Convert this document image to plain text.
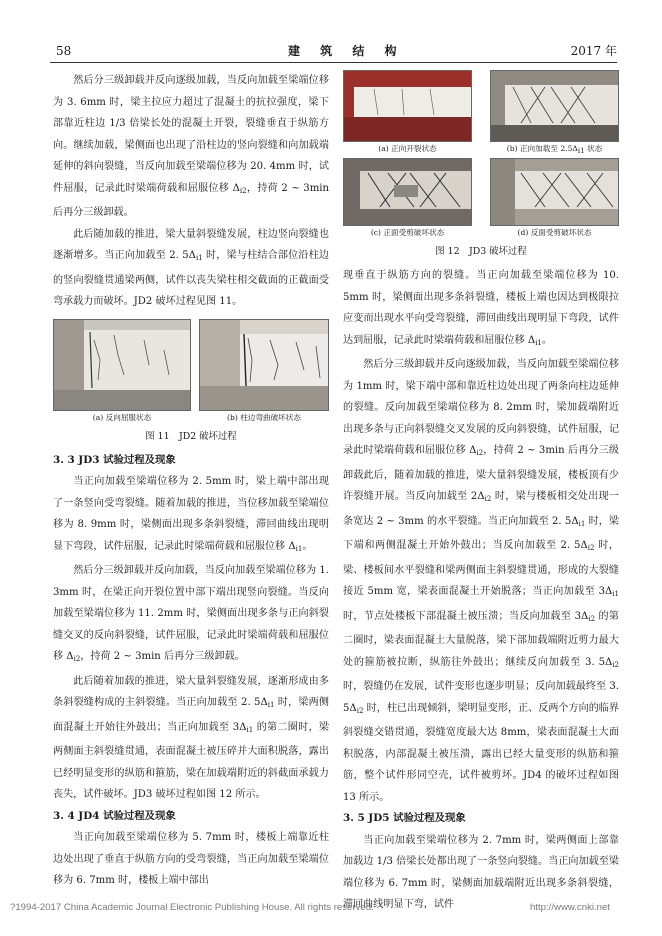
58	建 筑 结 构	2017 年

然后分三级卸载并反向逐级加载，当反向加载至梁端位移为 3. 6mm 时，梁主拉应力超过了混凝土的抗拉强度，梁下部靠近柱边 1/3 倍梁长处的混凝土开裂，裂缝垂直于纵筋方向。继续加载，梁侧面也出现了沿柱边的竖向裂缝和向加载端延伸的斜向裂缝，当反向加载至梁端位移为 20. 4mm 时，试件屈服，记录此时梁端荷载和屈服位移 $\Delta_{i2}$，持荷 2 ~ 3min 后再分三级卸载。

此后随加载的推进，梁大量斜裂缝发展，柱边竖向裂缝也逐渐增多。当正向加载至 2. $5\Delta_{i1}$ 时，梁与柱结合部位沿柱边的竖向裂缝贯通梁两侧，试件以丧失梁柱相交截面的正截面受弯承载力而破坏。JD2 破坏过程见图 11。

(a) 反向屈服状态	(b) 柱边弯曲破坏状态

图 11　JD2 破坏过程

3. 3 JD3 试验过程及现象

当正向加载至梁端位移为 2. 5mm 时，梁上端中部出现了一条竖向受弯裂缝。随着加载的推进，当位移加载至梁端位移为 8. 9mm 时，梁侧面出现多条斜裂缝，滞回曲线出现明显下弯段，试件屈服，记录此时梁端荷载和屈服位移 $\Delta_{i1}$。

然后分三级卸载并反向加载，当反向加载至梁端位移为 1. 3mm 时，在梁正向开裂位置中部下端出现竖向裂缝。当反向加载至梁端位移为 11. 2mm 时，梁侧面出现多条与正向斜裂缝交叉的反向斜裂缝，试件屈服，记录此时梁端荷载和屈服位移 $\Delta_{i2}$，持荷 2 ~ 3min 后再分三级卸载。

此后随着加载的推进，梁大量斜裂缝发展，逐渐形成由多条斜裂缝构成的主斜裂缝。当正向加载至 2. $5\Delta_{i1}$ 时，梁两侧面混凝土开始往外鼓出；当正向加载至 $3\Delta_{i1}$ 的第二圈时，梁两侧面主斜裂缝贯通，表面混凝土被压碎并大面积脱落，露出已经明显变形的纵筋和箍筋，梁在加载端附近的斜截面承载力丧失，试件破坏。JD3 破坏过程如图 12 所示。

3. 4 JD4 试验过程及现象

当正向加载至梁端位移为 5. 7mm 时，楼板上端靠近柱边处出现了垂直于纵筋方向的受弯裂缝，当正向加载至梁端位移为 6. 7mm 时，楼板上端中部出

(a) 正向开裂状态	(b) 正向加载至 $2.5\Delta_{i1}$ 状态
(c) 正面受剪破坏状态	(d) 反面受剪破坏状态

图 12　JD3 破坏过程

现垂直于纵筋方向的裂缝。当正向加载至梁端位移为 10. 5mm 时，梁侧面出现多条斜裂缝，楼板上端也因达到极限拉应变而出现水平向受弯裂缝，滞回曲线出现明显下弯段，试件达到屈服，记录此时梁端荷载和屈服位移 $\Delta_{i1}$。

然后分三级卸载并反向逐级加载，当反向加载至梁端位移为 1mm 时，梁下端中部和靠近柱边处出现了两条向柱边延伸的裂缝。反向加载至梁端位移为 8. 2mm 时，梁加载端附近出现多条与正向斜裂缝交叉发展的反向斜裂缝，试件屈服，记录此时梁端荷载和屈服位移 $\Delta_{i2}$，持荷 2 ~ 3min 后再分三级卸载此后，随着加载的推进，梁大量斜裂缝发展，楼板顶有少许裂缝开展。当反向加载至 $2\Delta_{i2}$ 时，梁与楼板相交处出现一条宽达 2 ~ 3mm 的水平裂缝。当正向加载至 2. $5\Delta_{i1}$ 时，梁下端和两侧混凝土开始外鼓出；当反向加载至 2. $5\Delta_{i2}$ 时，梁、楼板间水平裂缝和梁两侧面主斜裂缝贯通，形成的大裂缝接近 5mm 宽，梁表面混凝土开始脱落；当正向加载至 $3\Delta_{i1}$ 时，节点处楼板下部混凝土被压溃；当反向加载至 $3\Delta_{i2}$ 的第二圈时，梁表面混凝土大量脱落，梁下部加载端附近剪力最大处的箍筋被拉断，纵筋往外鼓出；继续反向加载至 3. $5\Delta_{i2}$ 时，裂缝仍在发展，试件变形也逐步明显；反向加载最终至 3. $5\Delta_{i2}$ 时，柱已出现倾斜，梁明显变形，正、反两个方向的临界斜裂缝交错贯通，裂缝宽度最大达 8mm，梁表面混凝土大面积脱落，内部混凝土被压溃，露出已经大量变形的纵筋和箍筋，整个试件形同空壳，试件被剪坏。JD4 的破坏过程如图 13 所示。

3. 5 JD5 试验过程及现象

当正向加载至梁端位移为 2. 7mm 时，梁两侧面上部靠加载边 1/3 倍梁长处都出现了一条竖向裂缝。当正向加载至梁端位移为 6. 7mm 时，梁侧面加载端附近出现多条斜裂缝，滞回曲线明显下弯，试件

?1994-2017 China Academic Journal Electronic Publishing House. All rights reserved.	http://www.cnki.net
